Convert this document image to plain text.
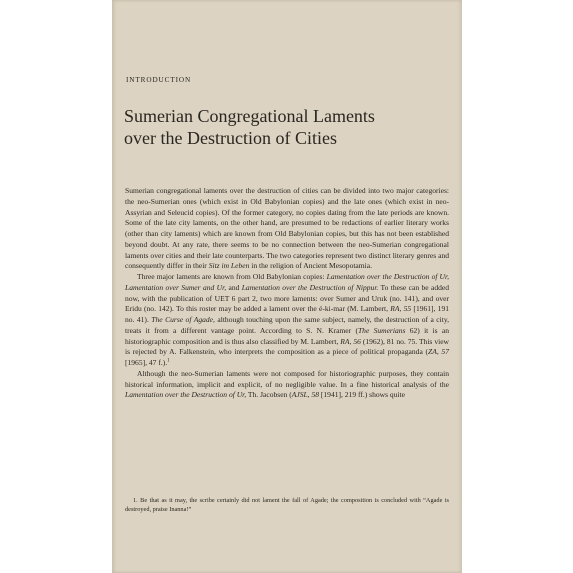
INTRODUCTION
Sumerian Congregational Laments
over the Destruction of Cities

Sumerian congregational laments over the destruction of cities can be divided into two major categories: the neo-Sumerian ones (which exist in Old Babylonian copies) and the late ones (which exist in neo-Assyrian and Seleucid copies). Of the former category, no copies dating from the late periods are known. Some of the late city laments, on the other hand, are presumed to be redactions of earlier literary works (other than city laments) which are known from Old Babylonian copies, but this has not been established beyond doubt. At any rate, there seems to be no connection between the neo-Sumerian congregational laments over cities and their late counterparts. The two categories represent two distinct literary genres and consequently differ in their Sitz im Leben in the religion of Ancient Mesopotamia.

Three major laments are known from Old Babylonian copies: Lamentation over the Destruction of Ur, Lamentation over Sumer and Ur, and Lamentation over the Destruction of Nippur. To these can be added now, with the publication of UET 6 part 2, two more laments: over Sumer and Uruk (no. 141), and over Eridu (no. 142). To this roster may be added a lament over the é-ki-mar (M. Lambert, RA, 55 [1961], 191 no. 41). The Curse of Agade, although touching upon the same subject, namely, the destruction of a city, treats it from a different vantage point. According to S. N. Kramer (The Sumerians 62) it is an historiographic composition and is thus also classified by M. Lambert, RA, 56 (1962), 81 no. 75. This view is rejected by A. Falkenstein, who interprets the composition as a piece of political propaganda (ZA, 57 [1965], 47 f.).$^1$

Although the neo-Sumerian laments were not composed for historiographic purposes, they contain historical information, implicit and explicit, of no negligible value. In a fine historical analysis of the Lamentation over the Destruction of Ur, Th. Jacobsen (AJSL, 58 [1941], 219 ff.) shows quite

1. Be that as it may, the scribe certainly did not lament the fall of Agade; the composition is concluded with “Agade is destroyed, praise Inanna!”
